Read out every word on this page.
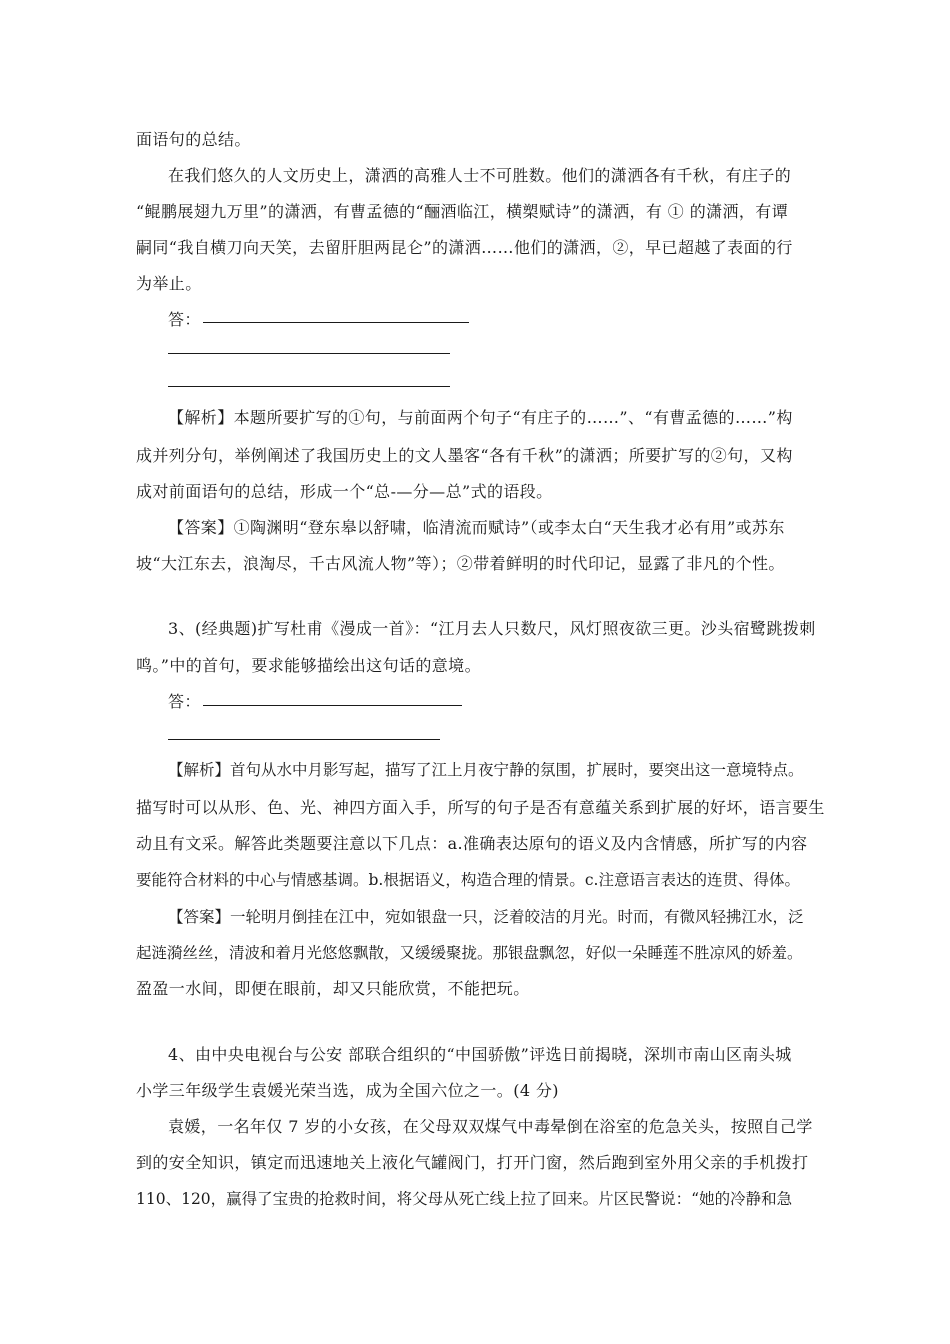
面语句的总结。
在我们悠久的人文历史上，潇洒的高雅人士不可胜数。他们的潇洒各有千秋，有庄子的
“鲲鹏展翅九万里”的潇洒，有曹孟德的“酾酒临江，横槊赋诗”的潇洒，有 ① 的潇洒，有谭
嗣同“我自横刀向天笑，去留肝胆两昆仑”的潇洒……他们的潇洒，②，早已超越了表面的行
为举止。
答：
【解析】本题所要扩写的①句，与前面两个句子“有庄子的……”、“有曹孟德的……”构
成并列分句，举例阐述了我国历史上的文人墨客“各有千秋”的潇洒；所要扩写的②句，又构
成对前面语句的总结，形成一个“总-—分—总”式的语段。
【答案】①陶渊明“登东皋以舒啸，临清流而赋诗”（或李太白“天生我才必有用”或苏东
坡“大江东去，浪淘尽，千古风流人物”等）；②带着鲜明的时代印记，显露了非凡的个性。
3、(经典题)扩写杜甫《漫成一首》：“江月去人只数尺，风灯照夜欲三更。沙头宿鹭跳拨刺
鸣。”中的首句，要求能够描绘出这句话的意境。
答：
【解析】首句从水中月影写起，描写了江上月夜宁静的氛围，扩展时，要突出这一意境特点。
描写时可以从形、色、光、神四方面入手，所写的句子是否有意蕴关系到扩展的好坏，语言要生
动且有文采。解答此类题要注意以下几点：a.准确表达原句的语义及内含情感，所扩写的内容
要能符合材料的中心与情感基调。b.根据语义，构造合理的情景。c.注意语言表达的连贯、得体。
【答案】一轮明月倒挂在江中，宛如银盘一只，泛着皎洁的月光。时而，有微风轻拂江水，泛
起涟漪丝丝，清波和着月光悠悠飘散，又缓缓聚拢。那银盘飘忽，好似一朵睡莲不胜凉风的娇羞。
盈盈一水间，即便在眼前，却又只能欣赏，不能把玩。
4、由中央电视台与公安 部联合组织的“中国骄傲”评选日前揭晓，深圳市南山区南头城
小学三年级学生袁媛光荣当选，成为全国六位之一。(4 分)
袁媛，一名年仅 7 岁的小女孩，在父母双双煤气中毒晕倒在浴室的危急关头，按照自己学
到的安全知识，镇定而迅速地关上液化气罐阀门，打开门窗，然后跑到室外用父亲的手机拨打
110、120，赢得了宝贵的抢救时间，将父母从死亡线上拉了回来。片区民警说：“她的冷静和急
